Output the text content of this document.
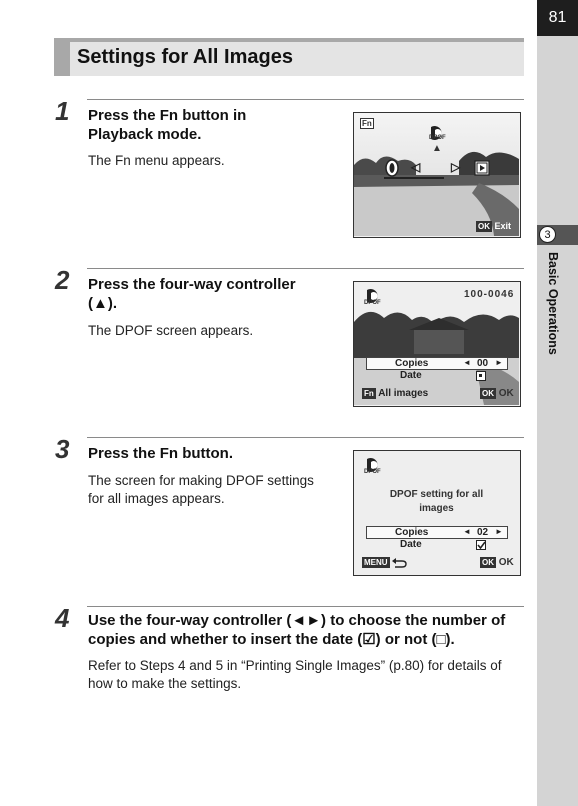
81
3
Basic Operations
Settings for All Images
1 Press the Fn button in
Playback mode.
The Fn menu appears.
Fn
DPOF
▲
◁	▷
OK Exit
2 Press the four-way controller
(▲).
The DPOF screen appears.
DPOF
100-0046
Copies	◄ 00 ►
Date
Fn All images	OK OK
3 Press the Fn button.
The screen for making DPOF settings
for all images appears.
DPOF
DPOF setting for all
images
Copies	◄ 02 ►
Date
MENU	OK OK
4 Use the four-way controller (◄►) to choose the number of
copies and whether to insert the date (☑) or not (□).
Refer to Steps 4 and 5 in “Printing Single Images” (p.80) for details of
how to make the settings.
